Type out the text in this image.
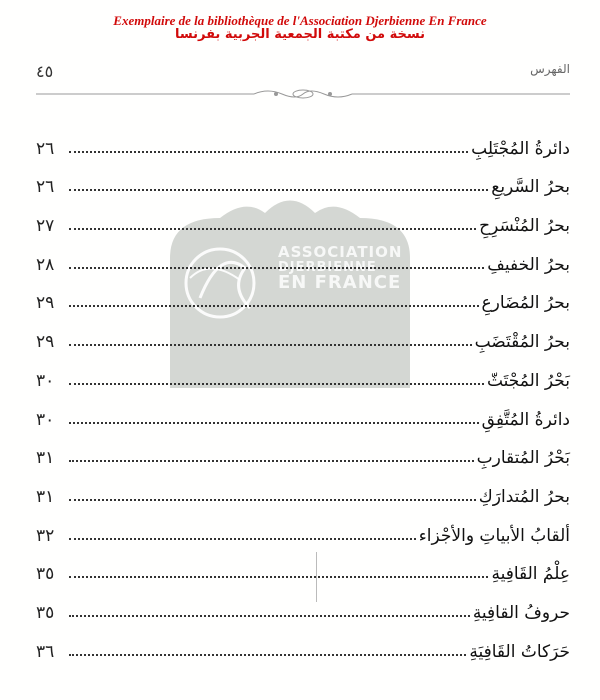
Exemplaire de la bibliothèque de l'Association Djerbienne En France
نسخة من مكتبة الجمعية الجربية بفرنسا
٤٥	الفهرس
ASSOCIATION
DJERBIENNE
EN FRANCE
٢٦	دائرةُ المُجْتَلِبِ
٢٦	بحرُ السَّريعِ
٢٧	بحرُ المُنْسَرِحِ
٢٨	بحرُ الخفيفِ
٢٩	بحرُ المُضَارعِ
٢٩	بحرُ المُقْتَضَبِ
٣٠	بَحْرُ المُجْتَثّ
٣٠	دائرةُ المُتَّفِقِ
٣١	بَحْرُ المُتقاربِ
٣١	بحرُ المُتدارَكِ
٣٢	ألقابُ الأبياتِ والأجْزاء
٣٥	عِلْمُ القَافِيةِ
٣٥	حروفُ القافِيةِ
٣٦	حَرَكاتُ القَافِيَةِ
